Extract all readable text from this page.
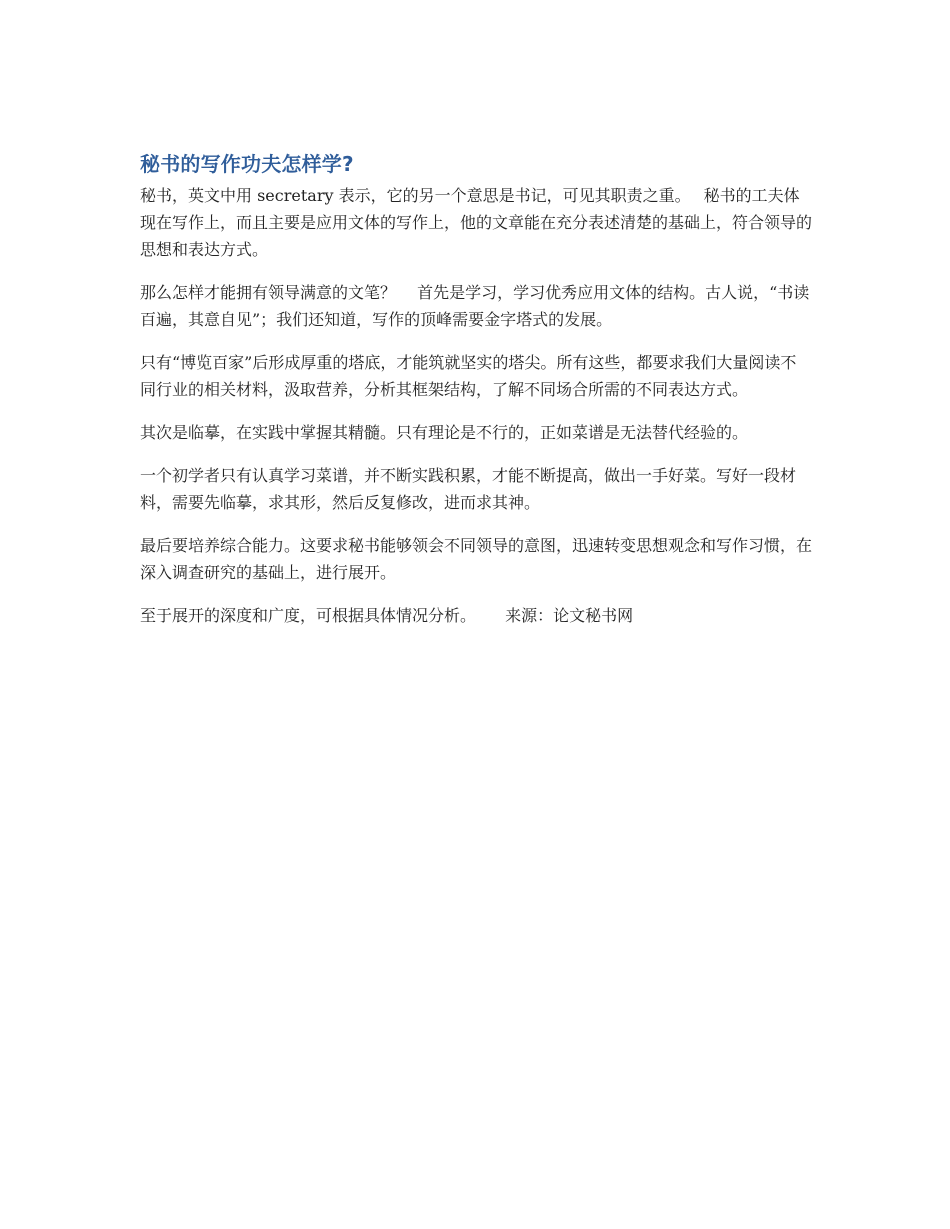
秘书的写作功夫怎样学?

秘书，英文中用 secretary 表示，它的另一个意思是书记，可见其职责之重。　 秘书的工夫体现在写作上，而且主要是应用文体的写作上，他的文章能在充分表述清楚的基础上，符合领导的思想和表达方式。

那么怎样才能拥有领导满意的文笔？　 首先是学习，学习优秀应用文体的结构。古人说，“书读百遍，其意自见”；我们还知道，写作的顶峰需要金字塔式的发展。

只有“博览百家”后形成厚重的塔底，才能筑就坚实的塔尖。所有这些，都要求我们大量阅读不同行业的相关材料，汲取营养，分析其框架结构，了解不同场合所需的不同表达方式。

其次是临摹，在实践中掌握其精髓。只有理论是不行的，正如菜谱是无法替代经验的。

一个初学者只有认真学习菜谱，并不断实践积累，才能不断提高，做出一手好菜。写好一段材料，需要先临摹，求其形，然后反复修改，进而求其神。

最后要培养综合能力。这要求秘书能够领会不同领导的意图，迅速转变思想观念和写作习惯，在深入调查研究的基础上，进行展开。

至于展开的深度和广度，可根据具体情况分析。　　 来源：论文秘书网
